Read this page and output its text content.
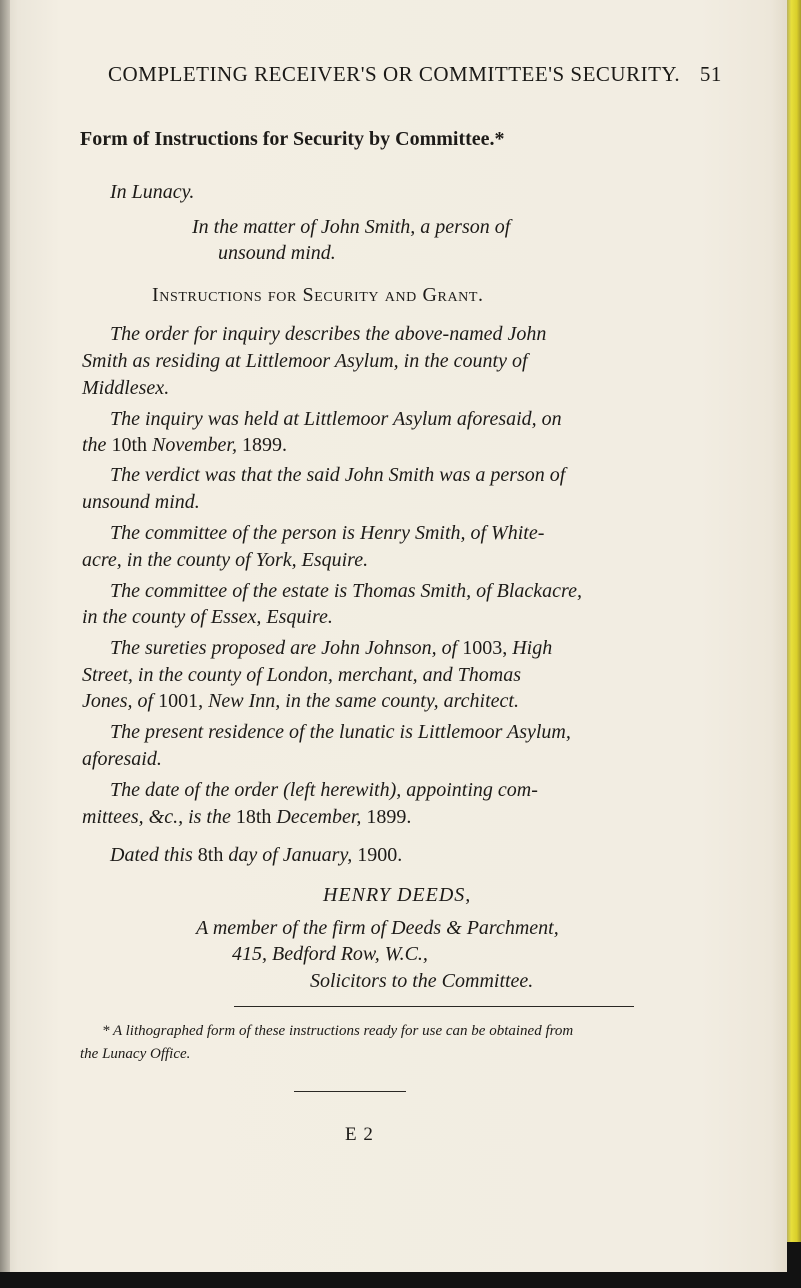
COMPLETING RECEIVER'S OR COMMITTEE'S SECURITY. 51
Form of Instructions for Security by Committee.*
In Lunacy.
In the matter of John Smith, a person of
unsound mind.
Instructions for Security and Grant.
The order for inquiry describes the above-named John
Smith as residing at Littlemoor Asylum, in the county of
Middlesex.
The inquiry was held at Littlemoor Asylum aforesaid, on
the 10th November, 1899.
The verdict was that the said John Smith was a person of
unsound mind.
The committee of the person is Henry Smith, of White-
acre, in the county of York, Esquire.
The committee of the estate is Thomas Smith, of Blackacre,
in the county of Essex, Esquire.
The sureties proposed are John Johnson, of 1003, High
Street, in the county of London, merchant, and Thomas
Jones, of 1001, New Inn, in the same county, architect.
The present residence of the lunatic is Littlemoor Asylum,
aforesaid.
The date of the order (left herewith), appointing com-
mittees, &c., is the 18th December, 1899.
Dated this 8th day of January, 1900.
HENRY DEEDS,
A member of the firm of Deeds & Parchment,
415, Bedford Row, W.C.,
Solicitors to the Committee.
* A lithographed form of these instructions ready for use can be obtained from
the Lunacy Office.
E 2
